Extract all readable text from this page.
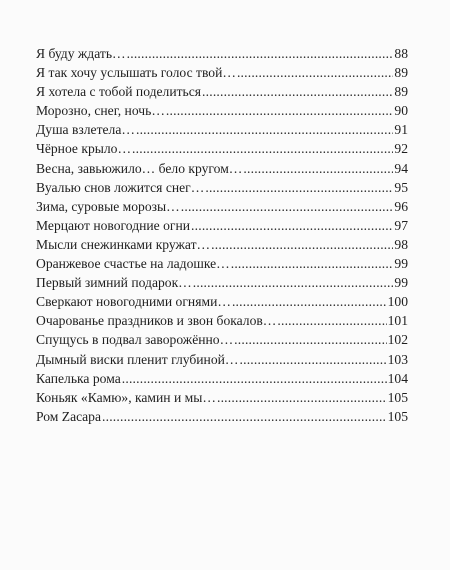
Я буду ждать… . . .	88
Я так хочу услышать голос твой… . . .	89
Я хотела с тобой поделиться . . .	89
Морозно, снег, ночь… . . .	90
Душа взлетела… . . .	91
Чёрное крыло… . . .	92
Весна, завьюжило… бело кругом… . . .	94
Вуалью снов ложится снег… . . .	95
Зима, суровые морозы… . . .	96
Мерцают новогодние огни . . .	97
Мысли снежинками кружат… . . .	98
Оранжевое счастье на ладошке… . . .	99
Первый зимний подарок… . . .	99
Сверкают новогодними огнями… . . .	100
Очарованье праздников и звон бокалов… . . .	101
Спущусь в подвал заворожённо… . . .	102
Дымный виски пленит глубиной… . . .	103
Капелька рома . . .	104
Коньяк «Камю», камин и мы… . . .	105
Ром Zacapa . . .	105
